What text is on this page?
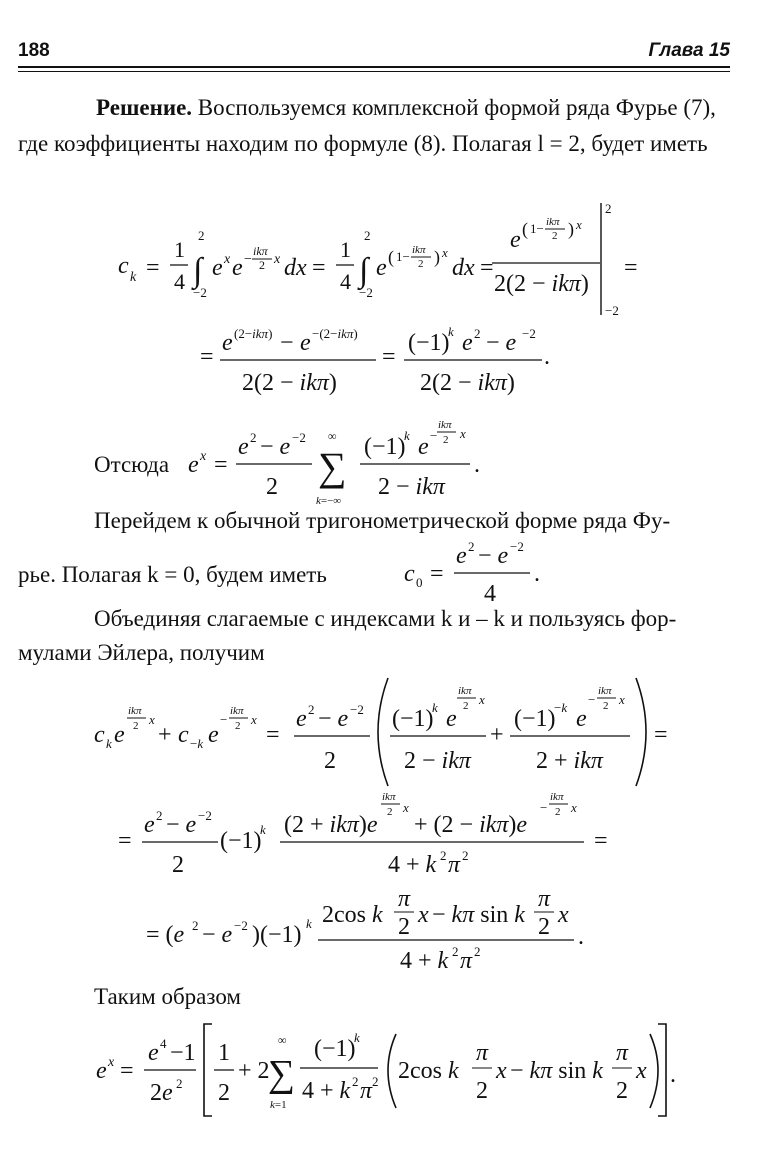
188	Глава 15
Решение. Воспользуемся комплексной формой ряда Фурье (7), где коэффициенты находим по формуле (8). Полагая l = 2, будет иметь
c k =
1
4 ∫
2
−2
e x e −
ikπ
2 x dx =
1
4 ∫
2
−2
e ( 1− ikπ
2 ) x
dx =
e ( 1− ikπ
2 ) x
2(2 − ikπ)
2
−2
=
=
e (2−ikπ) − e −(2−ikπ)
2(2 − ikπ)
=
(−1)
k e 2 − e −2
2(2 − ikπ)
.
Отсюда e x =
e 2 − e −2
2 ∑
∞
k=−∞
(−1)
k e −
ikπ
2 x
2 − ikπ
.
Перейдем к обычной тригонометрической форме ряда Фу-
рье. Полагая k = 0, будем иметь	c 0 =
e 2 − e −2
4
.
Объединяя слагаемые с индексами k и – k и пользуясь фор-
мулами Эйлера, получим
c k e
ikπ
2 x
+ c −k e
−
ikπ
2 x
=
e 2 − e −2
2
(−1)
k e
ikπ
2 x
2 − ikπ
+
(−1)
−k e
−
ikπ
2 x
2 + ikπ
=
=
e 2 − e −2
2
(−1)
k (2 + ikπ)e
ikπ
2 x
+ (2 − ikπ)e
−
ikπ
2 x
4 + k 2 π 2
=
= (e 2 − e −2 )(−1) k 2cos k
π
2 x − kπ sin k
π
2 x
4 + k 2 π 2
.
Таким образом
e x =
e 4 −1
2e 2
1
2
+ 2
∑
∞
k=1
(−1)
k
4 + k 2 π 2 2cos k
π
2
x − kπ sin k
π
2
x .
